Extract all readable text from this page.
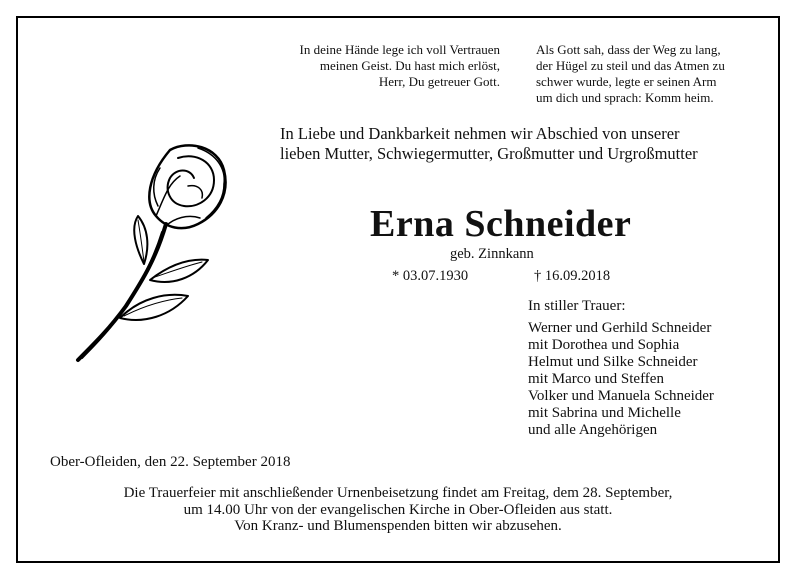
In deine Hände lege ich voll Vertrauen
meinen Geist. Du hast mich erlöst,
Herr, Du getreuer Gott.
Als Gott sah, dass der Weg zu lang,
der Hügel zu steil und das Atmen zu
schwer wurde, legte er seinen Arm
um dich und sprach: Komm heim.
In Liebe und Dankbarkeit nehmen wir Abschied von unserer
lieben Mutter, Schwiegermutter, Großmutter und Urgroßmutter
Erna Schneider
geb. Zinnkann
* 03.07.1930	† 16.09.2018
In stiller Trauer:
Werner und Gerhild Schneider
mit Dorothea und Sophia
Helmut und Silke Schneider
mit Marco und Steffen
Volker und Manuela Schneider
mit Sabrina und Michelle
und alle Angehörigen
Ober-Ofleiden, den 22. September 2018
Die Trauerfeier mit anschließender Urnenbeisetzung findet am Freitag, dem 28. September,
um 14.00 Uhr von der evangelischen Kirche in Ober-Ofleiden aus statt.
Von Kranz- und Blumenspenden bitten wir abzusehen.
